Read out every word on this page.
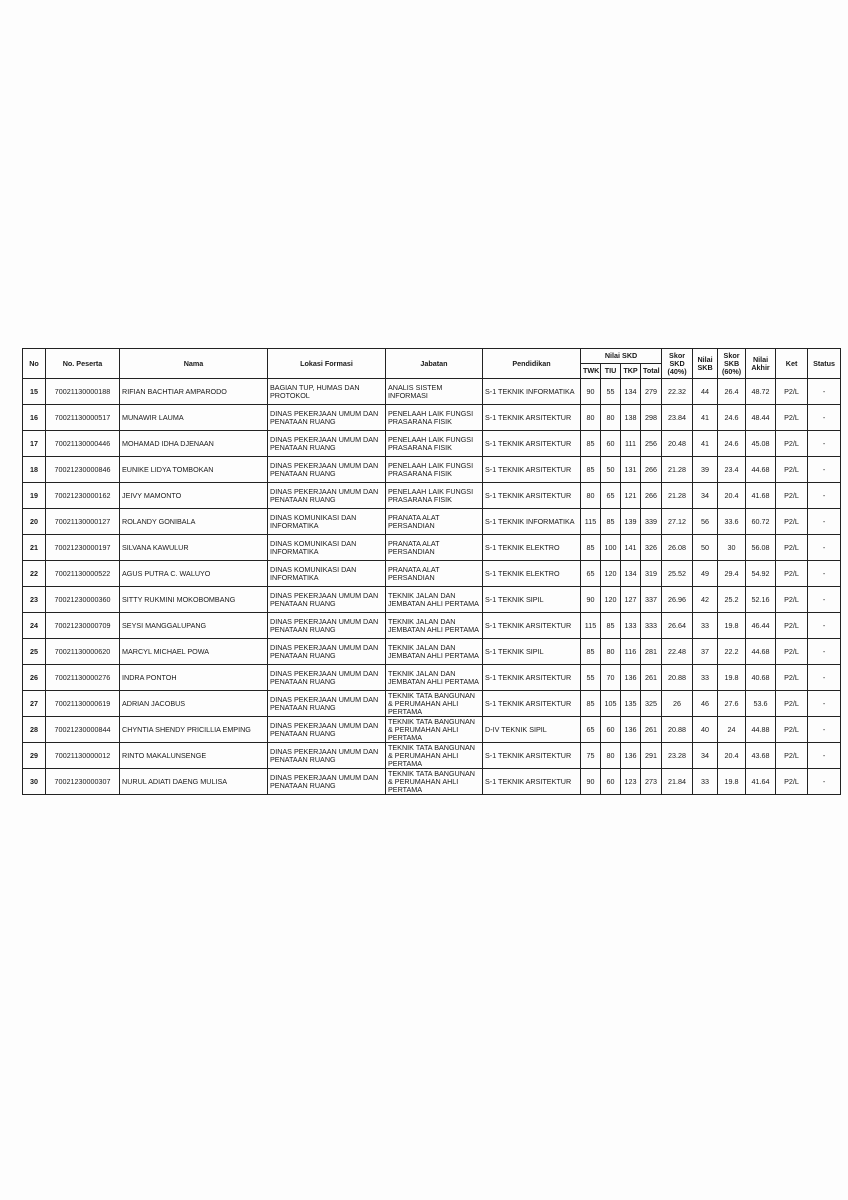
No	No. Peserta	Nama	Lokasi Formasi	Jabatan	Pendidikan	Nilai SKD				Skor SKD (40%)	Nilai SKB	Skor SKB (60%)	Nilai Akhir	Ket	Status
						TWK	TIU	TKP	Total						
15	70021130000188	RIFIAN BACHTIAR AMPARODO	BAGIAN TUP, HUMAS DAN PROTOKOL	ANALIS SISTEM INFORMASI	S-1 TEKNIK INFORMATIKA	90	55	134	279	22.32	44	26.4	48.72	P2/L	-
16	70021130000517	MUNAWIR LAUMA	DINAS PEKERJAAN UMUM DAN PENATAAN RUANG	PENELAAH LAIK FUNGSI PRASARANA FISIK	S-1 TEKNIK ARSITEKTUR	80	80	138	298	23.84	41	24.6	48.44	P2/L	-
17	70021130000446	MOHAMAD IDHA DJENAAN	DINAS PEKERJAAN UMUM DAN PENATAAN RUANG	PENELAAH LAIK FUNGSI PRASARANA FISIK	S-1 TEKNIK ARSITEKTUR	85	60	111	256	20.48	41	24.6	45.08	P2/L	-
18	70021230000846	EUNIKE LIDYA TOMBOKAN	DINAS PEKERJAAN UMUM DAN PENATAAN RUANG	PENELAAH LAIK FUNGSI PRASARANA FISIK	S-1 TEKNIK ARSITEKTUR	85	50	131	266	21.28	39	23.4	44.68	P2/L	-
19	70021230000162	JEIVY MAMONTO	DINAS PEKERJAAN UMUM DAN PENATAAN RUANG	PENELAAH LAIK FUNGSI PRASARANA FISIK	S-1 TEKNIK ARSITEKTUR	80	65	121	266	21.28	34	20.4	41.68	P2/L	-
20	70021130000127	ROLANDY GONIBALA	DINAS KOMUNIKASI DAN INFORMATIKA	PRANATA ALAT PERSANDIAN	S-1 TEKNIK INFORMATIKA	115	85	139	339	27.12	56	33.6	60.72	P2/L	-
21	70021230000197	SILVANA KAWULUR	DINAS KOMUNIKASI DAN INFORMATIKA	PRANATA ALAT PERSANDIAN	S-1 TEKNIK ELEKTRO	85	100	141	326	26.08	50	30	56.08	P2/L	-
22	70021130000522	AGUS PUTRA C. WALUYO	DINAS KOMUNIKASI DAN INFORMATIKA	PRANATA ALAT PERSANDIAN	S-1 TEKNIK ELEKTRO	65	120	134	319	25.52	49	29.4	54.92	P2/L	-
23	70021230000360	SITTY RUKMINI MOKOBOMBANG	DINAS PEKERJAAN UMUM DAN PENATAAN RUANG	TEKNIK JALAN DAN JEMBATAN AHLI PERTAMA	S-1 TEKNIK SIPIL	90	120	127	337	26.96	42	25.2	52.16	P2/L	-
24	70021230000709	SEYSI MANGGALUPANG	DINAS PEKERJAAN UMUM DAN PENATAAN RUANG	TEKNIK JALAN DAN JEMBATAN AHLI PERTAMA	S-1 TEKNIK ARSITEKTUR	115	85	133	333	26.64	33	19.8	46.44	P2/L	-
25	70021130000620	MARCYL MICHAEL POWA	DINAS PEKERJAAN UMUM DAN PENATAAN RUANG	TEKNIK JALAN DAN JEMBATAN AHLI PERTAMA	S-1 TEKNIK SIPIL	85	80	116	281	22.48	37	22.2	44.68	P2/L	-
26	70021130000276	INDRA PONTOH	DINAS PEKERJAAN UMUM DAN PENATAAN RUANG	TEKNIK JALAN DAN JEMBATAN AHLI PERTAMA	S-1 TEKNIK ARSITEKTUR	55	70	136	261	20.88	33	19.8	40.68	P2/L	-
27	70021130000619	ADRIAN JACOBUS	DINAS PEKERJAAN UMUM DAN PENATAAN RUANG	TEKNIK TATA BANGUNAN & PERUMAHAN AHLI PERTAMA	S-1 TEKNIK ARSITEKTUR	85	105	135	325	26	46	27.6	53.6	P2/L	-
28	70021230000844	CHYNTIA SHENDY PRICILLIA EMPING	DINAS PEKERJAAN UMUM DAN PENATAAN RUANG	TEKNIK TATA BANGUNAN & PERUMAHAN AHLI PERTAMA	D-IV TEKNIK SIPIL	65	60	136	261	20.88	40	24	44.88	P2/L	-
29	70021130000012	RINTO MAKALUNSENGE	DINAS PEKERJAAN UMUM DAN PENATAAN RUANG	TEKNIK TATA BANGUNAN & PERUMAHAN AHLI PERTAMA	S-1 TEKNIK ARSITEKTUR	75	80	136	291	23.28	34	20.4	43.68	P2/L	-
30	70021230000307	NURUL ADIATI DAENG MULISA	DINAS PEKERJAAN UMUM DAN PENATAAN RUANG	TEKNIK TATA BANGUNAN & PERUMAHAN AHLI PERTAMA	S-1 TEKNIK ARSITEKTUR	90	60	123	273	21.84	33	19.8	41.64	P2/L	-
